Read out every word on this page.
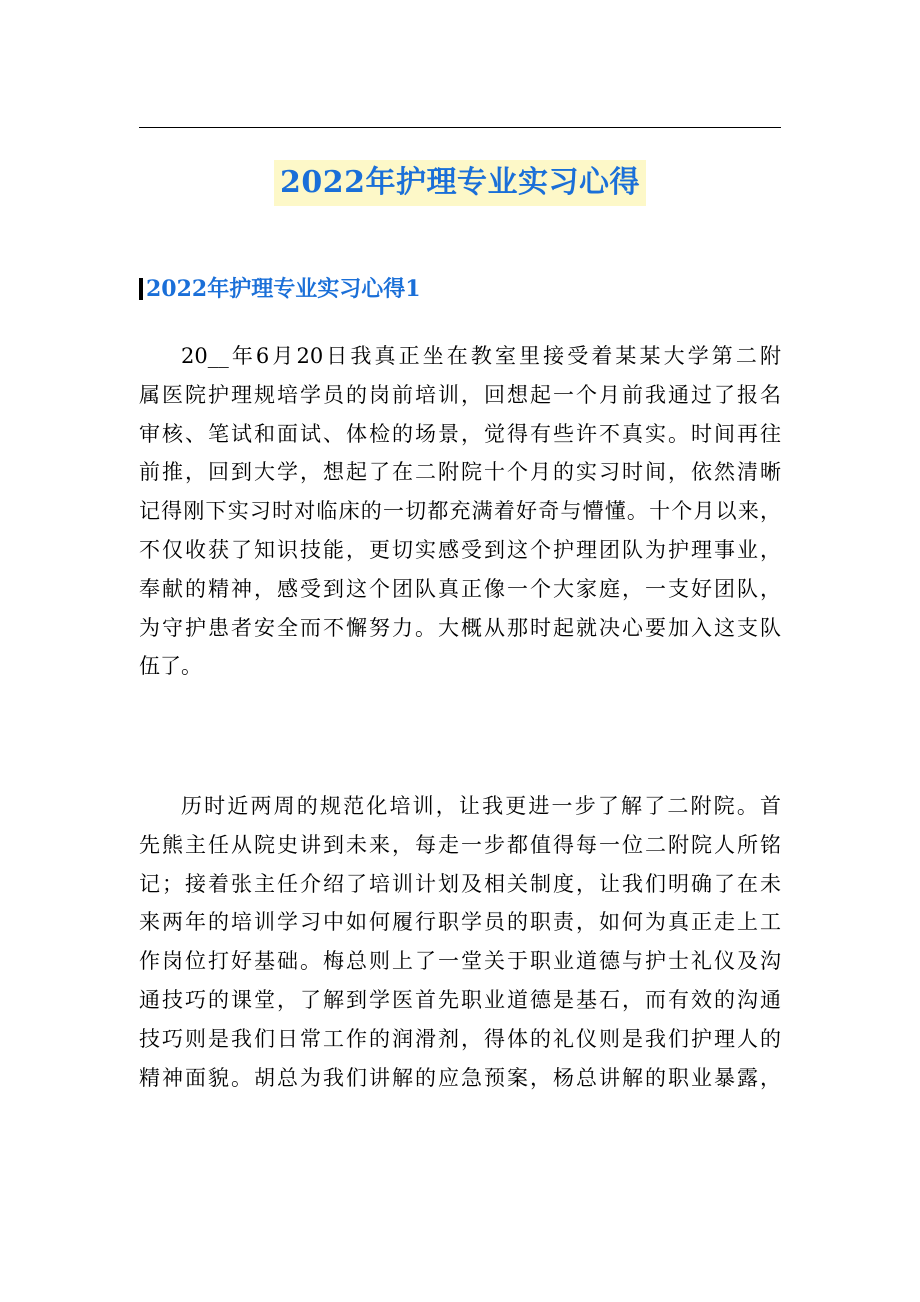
2022年护理专业实习心得
2022年护理专业实习心得1
20__年6月20日我真正坐在教室里接受着某某大学第二附
属医院护理规培学员的岗前培训，回想起一个月前我通过了报名
审核、笔试和面试、体检的场景，觉得有些许不真实。时间再往
前推，回到大学，想起了在二附院十个月的实习时间，依然清晰
记得刚下实习时对临床的一切都充满着好奇与懵懂。十个月以来，
不仅收获了知识技能，更切实感受到这个护理团队为护理事业，
奉献的精神，感受到这个团队真正像一个大家庭，一支好团队，
为守护患者安全而不懈努力。大概从那时起就决心要加入这支队
伍了。
历时近两周的规范化培训，让我更进一步了解了二附院。首
先熊主任从院史讲到未来，每走一步都值得每一位二附院人所铭
记；接着张主任介绍了培训计划及相关制度，让我们明确了在未
来两年的培训学习中如何履行职学员的职责，如何为真正走上工
作岗位打好基础。梅总则上了一堂关于职业道德与护士礼仪及沟
通技巧的课堂，了解到学医首先职业道德是基石，而有效的沟通
技巧则是我们日常工作的润滑剂，得体的礼仪则是我们护理人的
精神面貌。胡总为我们讲解的应急预案，杨总讲解的职业暴露，
